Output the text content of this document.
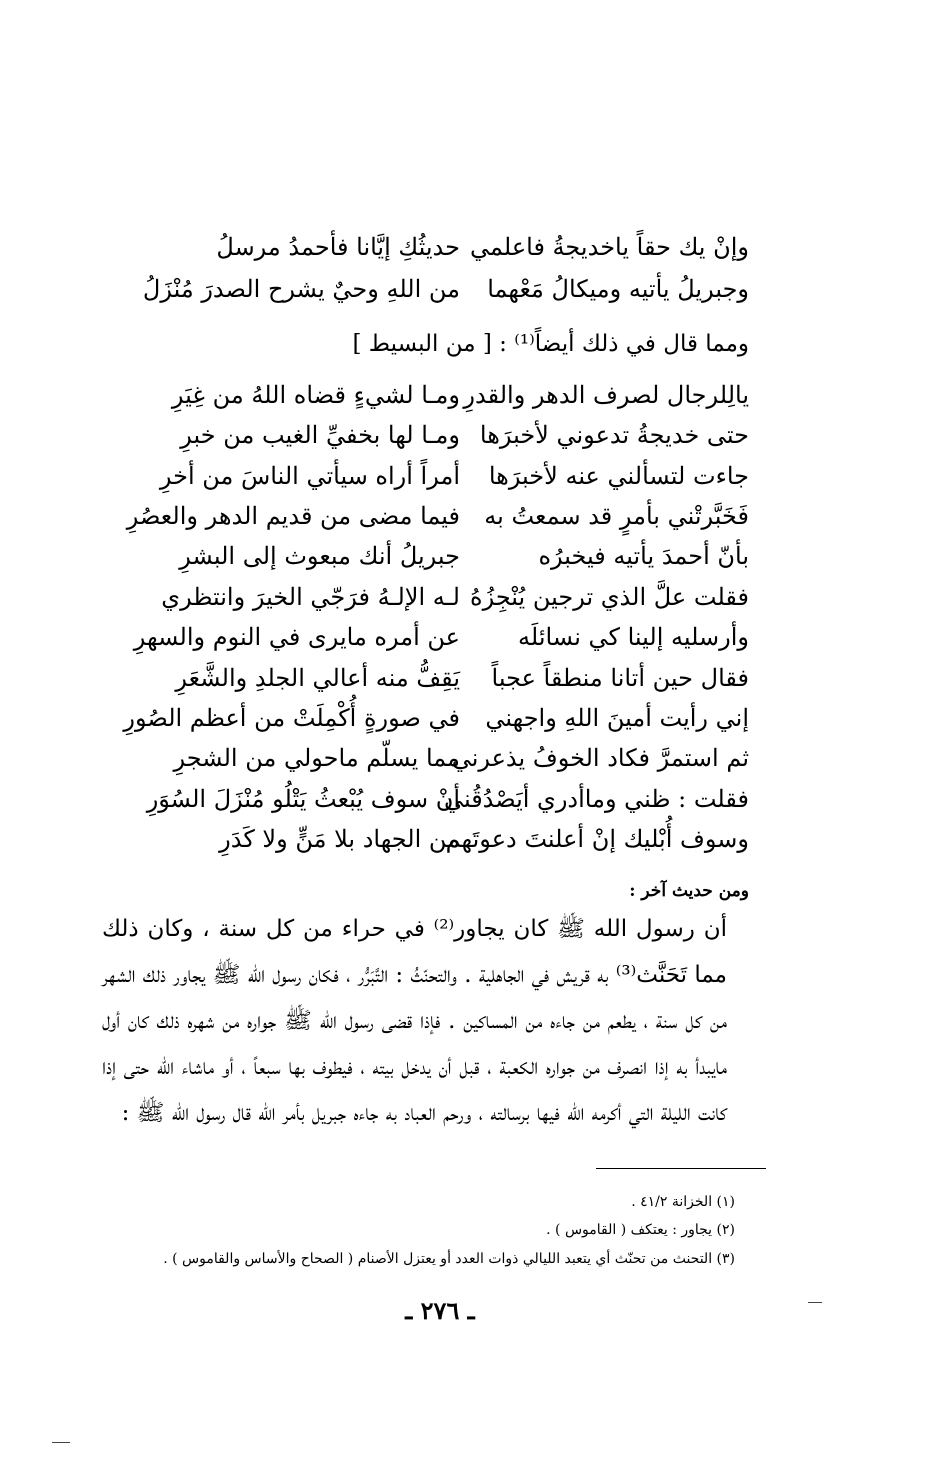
وإنْ يك حقاً ياخديجةُ فاعلمي
حديثُكِ إيَّانا فأحمدُ مرسلُ
وجبريلُ يأتيه وميكالُ مَعْهما
من اللهِ وحيٌ يشرح الصدرَ مُنْزَلُ
ومما قال في ذلك أيضاً⁽¹⁾ : [ من البسيط ]
يالِلرجال لصرف الدهر والقدرِ
ومـا لشيءٍ قضاه اللهُ من غِيَرِ
حتى خديجةُ تدعوني لأخبرَها
ومـا لها بخفيِّ الغيب من خبرِ
جاءت لتسألني عنه لأخبرَها
أمراً أراه سيأتي الناسَ من أخرِ
فَخَبَّرتْني بأمرٍ قد سمعتُ به
فيما مضى من قديم الدهر والعصُرِ
بأنّ أحمدَ يأتيه فيخبرُه
جبريلُ أنك مبعوث إلى البشرِ
فقلت علَّ الذي ترجين يُنْجِزُهُ
لـه الإلـهُ فرَجّي الخيرَ وانتظري
وأرسليه إلينا كي نسائلَه
عن أمره مايرى في النوم والسهرِ
فقال حين أتانا منطقاً عجباً
يَقِفُّ منه أعالي الجلدِ والشَّعَرِ
إني رأيت أمينَ اللهِ واجهني
في صورةٍ أُكْمِلَتْ من أعظم الصُورِ
ثم استمرَّ فكاد الخوفُ يذعرني
مما يسلّم ماحولي من الشجرِ
فقلت : ظني وماأدري أيَصْدُقُني
أنْ سوف يُبْعثُ يَتْلُو مُنْزَلَ السُوَرِ
وسوف أُبْليك إنْ أعلنتَ دعوتَهم
من الجهاد بلا مَنٍّ ولا كَدَرِ
ومن حديث آخر :

أن رسول الله ﷺ كان يجاور⁽²⁾ في حراء من كل سنة ، وكان ذلك مما تَحَنَّث⁽³⁾ به قريش في الجاهلية . والتحنّثُ : التَّبَرُّر ، فكان رسول الله ﷺ يجاور ذلك الشهر من كل سنة ، يطعم من جاءه من المساكين . فإذا قضى رسول الله ﷺ جواره من شهره ذلك كان أول مايبدأ به إذا انصرف من جواره الكعبة ، قبل أن يدخل بيته ، فيطوف بها سبعاً ، أو ماشاء الله حتى إذا كانت الليلة التي أكرمه الله فيها برسالته ، ورحم العباد به جاءه جبريل بأمر الله قال رسول الله ﷺ :

(١) الخزانة ٤١/٢ .
(٢) يجاور : يعتكف ( القاموس ) .
(٣) التحنث من تحنّث أي يتعبد الليالي ذوات العدد أو يعتزل الأصنام ( الصحاح والأساس والقاموس ) .
ـ ٢٧٦ ـ
